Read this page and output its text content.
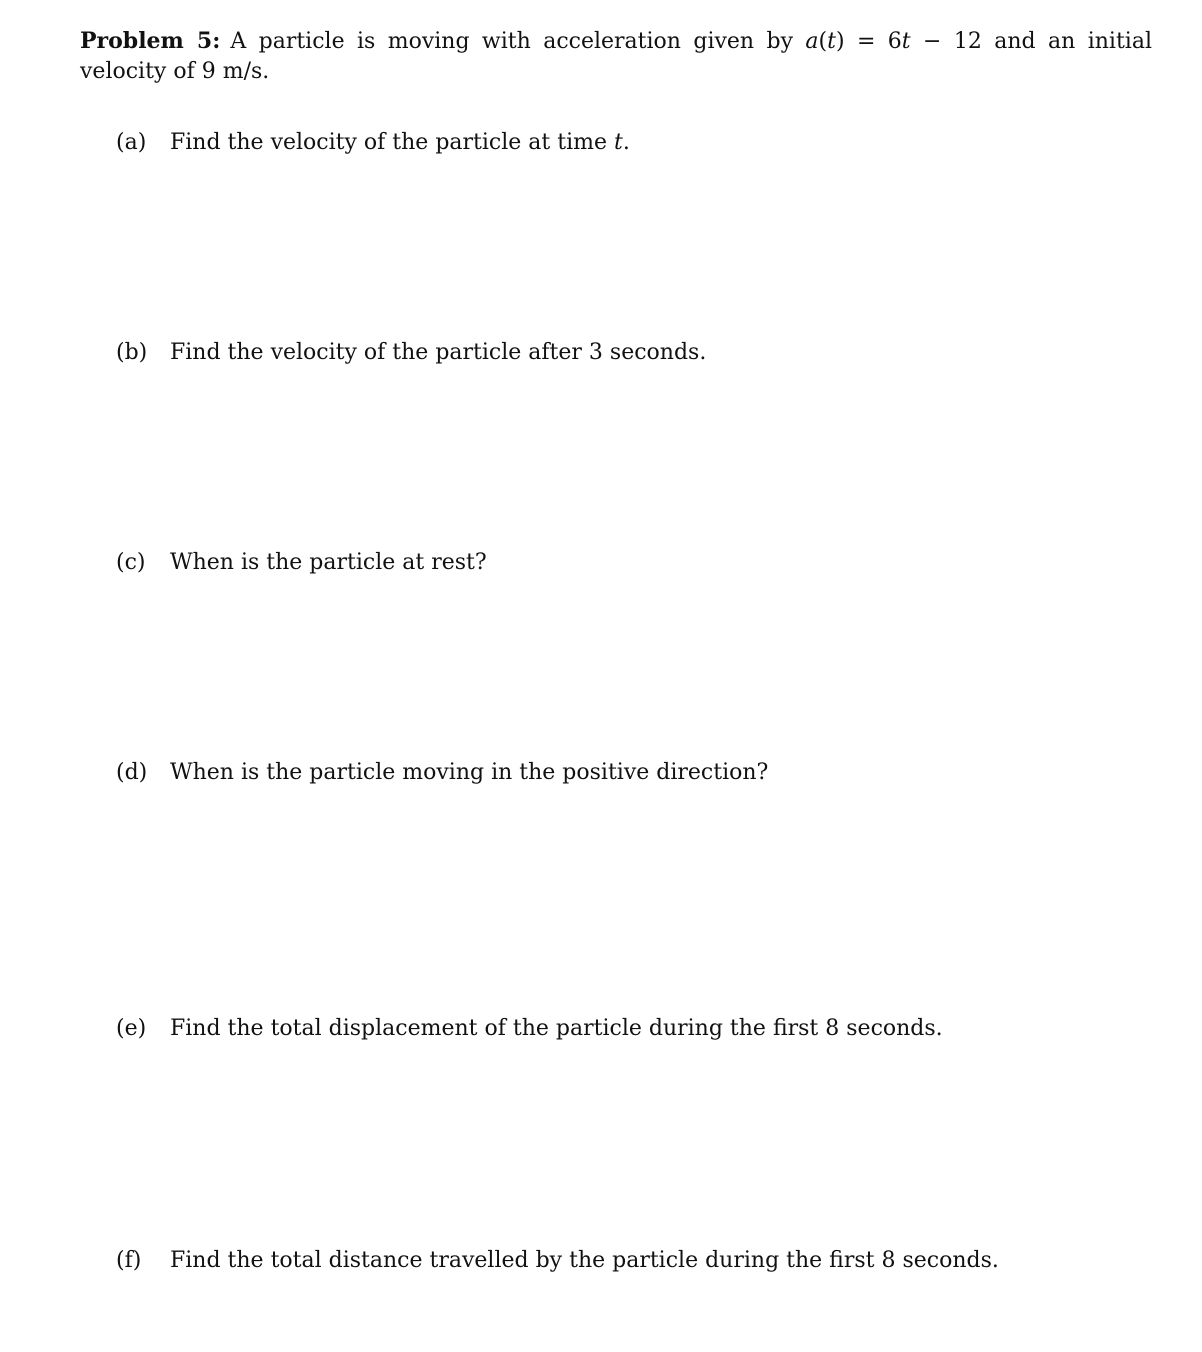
Problem 5: A particle is moving with acceleration given by a(t) = 6t − 12 and an initial velocity of 9 m/s.
(a) Find the velocity of the particle at time t.
(b) Find the velocity of the particle after 3 seconds.
(c) When is the particle at rest?
(d) When is the particle moving in the positive direction?
(e) Find the total displacement of the particle during the first 8 seconds.
(f) Find the total distance travelled by the particle during the first 8 seconds.
